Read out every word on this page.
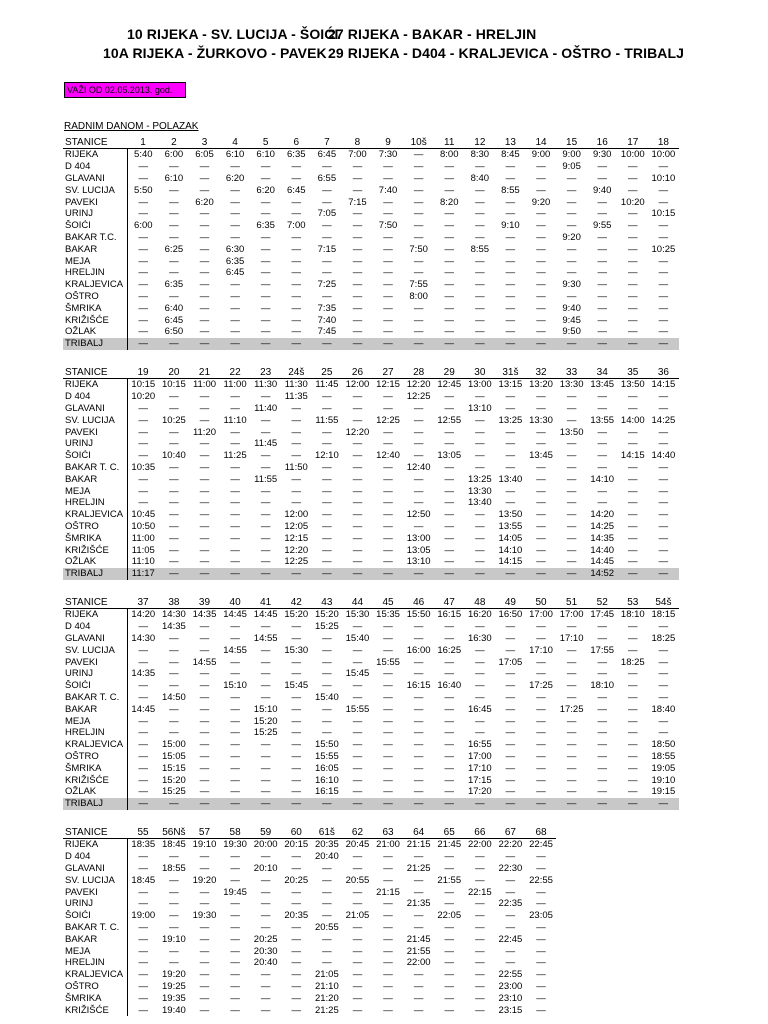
10 RIJEKA - SV. LUCIJA - ŠOIĆI
27 RIJEKA - BAKAR - HRELJIN
10A RIJEKA - ŽURKOVO - PAVEK 29 RIJEKA - D404 - KRALJEVICA - OŠTRO - TRIBALJ
VAŽI OD 02.05.2013. god.
RADNIM DANOM - POLAZAK
STANICE	1	2	3	4	5	6	7	8	9	10š	11	12	13	14	15	16	17	18
RIJEKA	5:40	6:00	6:05	6:10	6:10	6:35	6:45	7:00	7:30	—	8:00	8:30	8:45	9:00	9:00	9:30	10:00	10:00
D 404	—	—	—	—	—	—	—	—	—	—	—	—	—	—	9:05	—	—	—
GLAVANI	—	6:10	—	6:20	—	—	6:55	—	—	—	—	8:40	—	—	—	—	—	10:10
SV. LUCIJA	5:50	—	—	—	6:20	6:45	—	—	7:40	—	—	—	8:55	—	—	9:40	—	—
PAVEKI	—	—	6:20	—	—	—	—	7:15	—	—	8:20	—	—	9:20	—	—	10:20	—
URINJ	—	—	—	—	—	—	7:05	—	—	—	—	—	—	—	—	—	—	10:15
ŠOIĆI	6:00	—	—	—	6:35	7:00	—	—	7:50	—	—	—	9:10	—	—	9:55	—	—
BAKAR T.C.	—	—	—	—	—	—	—	—	—	—	—	—	—	—	9:20	—	—	—
BAKAR	—	6:25	—	6:30	—	—	7:15	—	—	7:50	—	8:55	—	—	—	—	—	10:25
MEJA	—	—	—	6:35	—	—	—	—	—	—	—	—	—	—	—	—	—	—
HRELJIN	—	—	—	6:45	—	—	—	—	—	—	—	—	—	—	—	—	—	—
KRALJEVICA	—	6:35	—	—	—	—	7:25	—	—	7:55	—	—	—	—	9:30	—	—	—
OŠTRO	—	—	—	—	—	—	—	—	—	8:00	—	—	—	—	—	—	—	—
ŠMRIKA	—	6:40	—	—	—	—	7:35	—	—	—	—	—	—	—	9:40	—	—	—
KRIŽIŠĆE	—	6:45	—	—	—	—	7:40	—	—	—	—	—	—	—	9:45	—	—	—
OŽLAK	—	6:50	—	—	—	—	7:45	—	—	—	—	—	—	—	9:50	—	—	—
TRIBALJ	—	—	—	—	—	—	—	—	—	—	—	—	—	—	—	—	—	—
STANICE	19	20	21	22	23	24š	25	26	27	28	29	30	31š	32	33	34	35	36
RIJEKA	10:15	10:15	11:00	11:00	11:30	11:30	11:45	12:00	12:15	12:20	12:45	13:00	13:15	13:20	13:30	13:45	13:50	14:15
D 404	10:20	—	—	—	—	11:35	—	—	—	12:25	—	—	—	—	—	—	—	—
GLAVANI	—	—	—	—	11:40	—	—	—	—	—	—	13:10	—	—	—	—	—	—
SV. LUCIJA	—	10:25	—	11:10	—	—	11:55	—	12:25	—	12:55	—	13:25	13:30	—	13:55	14:00	14:25
PAVEKI	—	—	11:20	—	—	—	—	12:20	—	—	—	—	—	—	13:50	—	—	—
URINJ	—	—	—	—	11:45	—	—	—	—	—	—	—	—	—	—	—	—	—
ŠOIĆI	—	10:40	—	11:25	—	—	12:10	—	12:40	—	13:05	—	—	13:45	—	—	14:15	14:40
BAKAR T. C.	10:35	—	—	—	—	11:50	—	—	—	12:40	—	—	—	—	—	—	—	—
BAKAR	—	—	—	—	11:55	—	—	—	—	—	—	13:25	13:40	—	—	14:10	—	—
MEJA	—	—	—	—	—	—	—	—	—	—	—	13:30	—	—	—	—	—	—
HRELJIN	—	—	—	—	—	—	—	—	—	—	—	13:40	—	—	—	—	—	—
KRALJEVICA	10:45	—	—	—	—	12:00	—	—	—	12:50	—	—	13:50	—	—	14:20	—	—
OŠTRO	10:50	—	—	—	—	12:05	—	—	—	—	—	—	13:55	—	—	14:25	—	—
ŠMRIKA	11:00	—	—	—	—	12:15	—	—	—	13:00	—	—	14:05	—	—	14:35	—	—
KRIŽIŠĆE	11:05	—	—	—	—	12:20	—	—	—	13:05	—	—	14:10	—	—	14:40	—	—
OŽLAK	11:10	—	—	—	—	12:25	—	—	—	13:10	—	—	14:15	—	—	14:45	—	—
TRIBALJ	11:17	—	—	—	—	—	—	—	—	—	—	—	—	—	—	14:52	—	—
STANICE	37	38	39	40	41	42	43	44	45	46	47	48	49	50	51	52	53	54š
RIJEKA	14:20	14:30	14:35	14:45	14:45	15:20	15:20	15:30	15:35	15:50	16:15	16:20	16:50	17:00	17:00	17:45	18:10	18:15
D 404	—	14:35	—	—	—	—	15:25	—	—	—	—	—	—	—	—	—	—	—
GLAVANI	14:30	—	—	—	14:55	—	—	15:40	—	—	—	16:30	—	—	17:10	—	—	18:25
SV. LUCIJA	—	—	—	14:55	—	15:30	—	—	—	16:00	16:25	—	—	17:10	—	17:55	—	—
PAVEKI	—	—	14:55	—	—	—	—	—	15:55	—	—	—	17:05	—	—	—	18:25	—
URINJ	14:35	—	—	—	—	—	—	15:45	—	—	—	—	—	—	—	—	—	—
ŠOIĆI	—	—	—	15:10	—	15:45	—	—	—	16:15	16:40	—	—	17:25	—	18:10	—	—
BAKAR T. C.	—	14:50	—	—	—	—	15:40	—	—	—	—	—	—	—	—	—	—	—
BAKAR	14:45	—	—	—	15:10	—	—	15:55	—	—	—	16:45	—	—	17:25	—	—	18:40
MEJA	—	—	—	—	15:20	—	—	—	—	—	—	—	—	—	—	—	—	—
HRELJIN	—	—	—	—	15:25	—	—	—	—	—	—	—	—	—	—	—	—	—
KRALJEVICA	—	15:00	—	—	—	—	15:50	—	—	—	—	16:55	—	—	—	—	—	18:50
OŠTRO	—	15:05	—	—	—	—	15:55	—	—	—	—	17:00	—	—	—	—	—	18:55
ŠMRIKA	—	15:15	—	—	—	—	16:05	—	—	—	—	17:10	—	—	—	—	—	19:05
KRIŽIŠĆE	—	15:20	—	—	—	—	16:10	—	—	—	—	17:15	—	—	—	—	—	19:10
OŽLAK	—	15:25	—	—	—	—	16:15	—	—	—	—	17:20	—	—	—	—	—	19:15
TRIBALJ	—	—	—	—	—	—	—	—	—	—	—	—	—	—	—	—	—	—
STANICE	55	56Nš	57	58	59	60	61š	62	63	64	65	66	67	68
RIJEKA	18:35	18:45	19:10	19:30	20:00	20:15	20:35	20:45	21:00	21:15	21:45	22:00	22:20	22:45
D 404	—	—	—	—	—	—	20:40	—	—	—	—	—	—	—
GLAVANI	—	18:55	—	—	20:10	—	—	—	—	21:25	—	—	22:30	—
SV. LUCIJA	18:45	—	19:20	—	—	20:25	—	20:55	—	—	21:55	—	—	22:55
PAVEKI	—	—	—	19:45	—	—	—	—	21:15	—	—	22:15	—	—
URINJ	—	—	—	—	—	—	—	—	—	21:35	—	—	22:35	—
ŠOIĆI	19:00	—	19:30	—	—	20:35	—	21:05	—	—	22:05	—	—	23:05
BAKAR T. C.	—	—	—	—	—	—	20:55	—	—	—	—	—	—	—
BAKAR	—	19:10	—	—	20:25	—	—	—	—	21:45	—	—	22:45	—
MEJA	—	—	—	—	20:30	—	—	—	—	21:55	—	—	—	—
HRELJIN	—	—	—	—	20:40	—	—	—	—	22:00	—	—	—	—
KRALJEVICA	—	19:20	—	—	—	—	21:05	—	—	—	—	—	22:55	—
OŠTRO	—	19:25	—	—	—	—	21:10	—	—	—	—	—	23:00	—
ŠMRIKA	—	19:35	—	—	—	—	21:20	—	—	—	—	—	23:10	—
KRIŽIŠĆE	—	19:40	—	—	—	—	21:25	—	—	—	—	—	23:15	—
